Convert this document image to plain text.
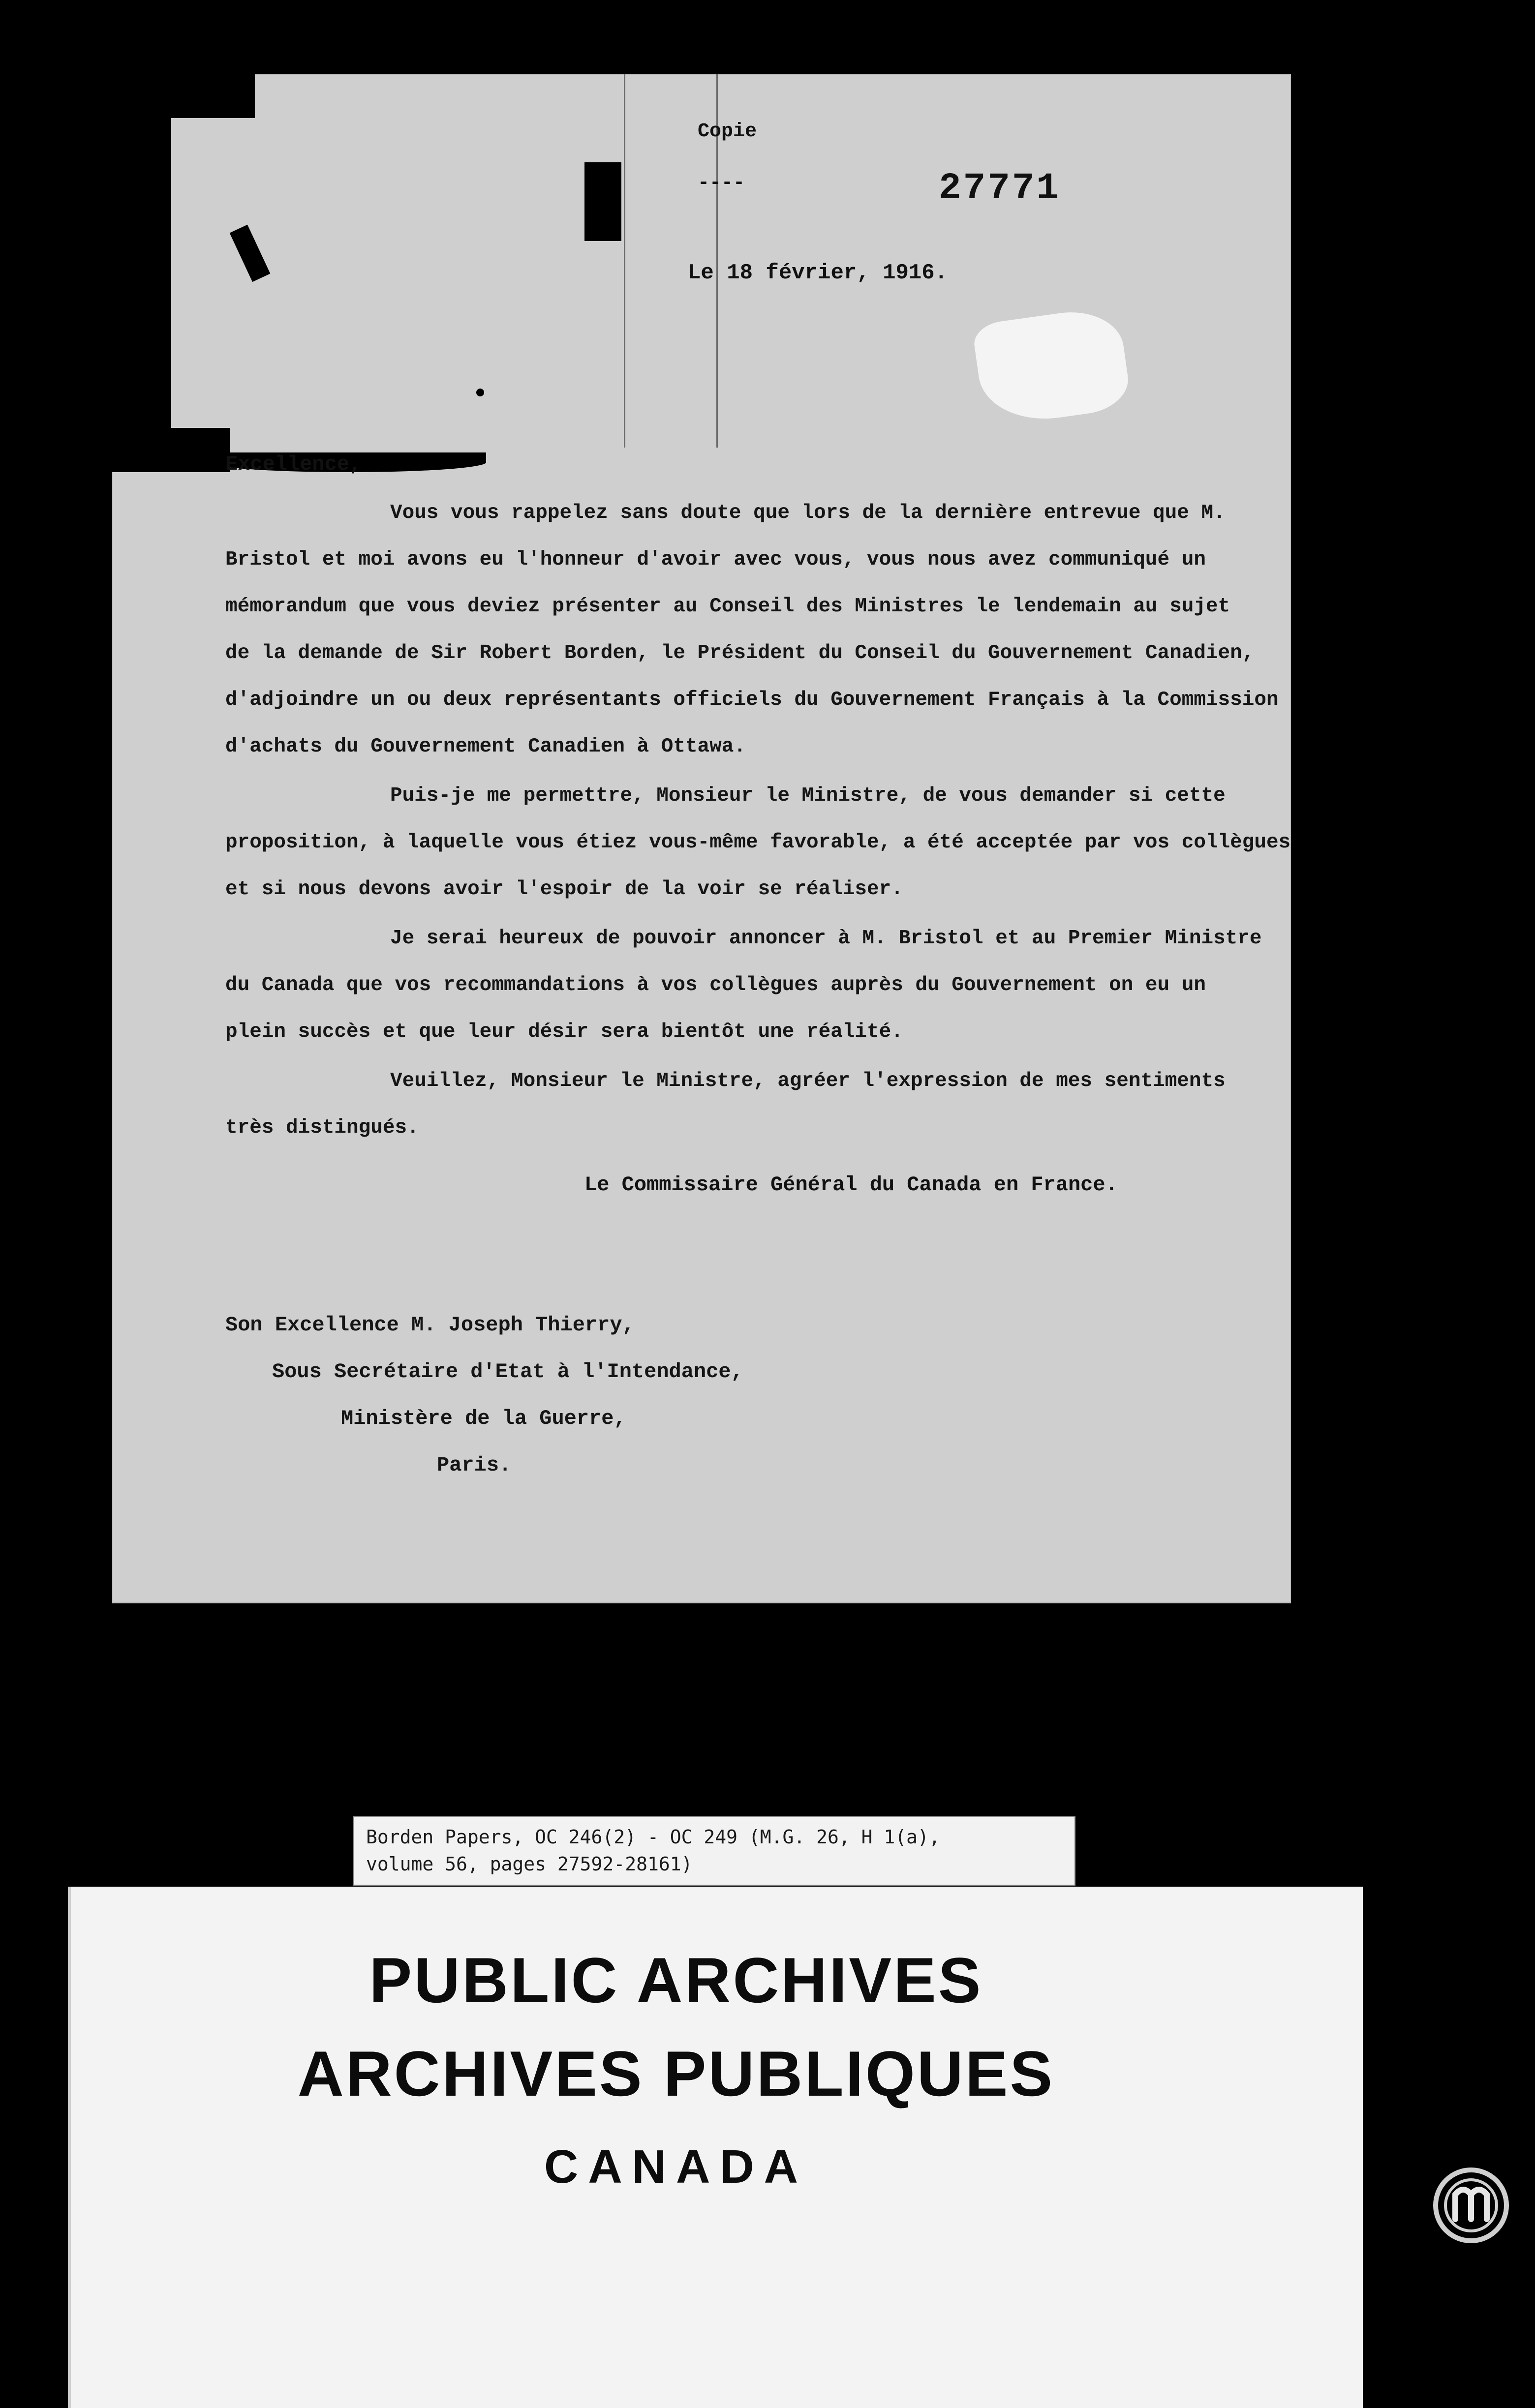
Copie
----	27771
Le 18 février, 1916.
Excellence,
Vous vous rappelez sans doute que lors de la dernière entrevue que M.
Bristol et moi avons eu l'honneur d'avoir avec vous, vous nous avez communiqué un
mémorandum que vous deviez présenter au Conseil des Ministres le lendemain au sujet
de la demande de Sir Robert Borden, le Président du Conseil du Gouvernement Canadien,
d'adjoindre un ou deux représentants officiels du Gouvernement Français à la Commission
d'achats du Gouvernement Canadien à Ottawa.
Puis-je me permettre, Monsieur le Ministre, de vous demander si cette
proposition, à laquelle vous étiez vous-même favorable, a été acceptée par vos collègues
et si nous devons avoir l'espoir de la voir se réaliser.
Je serai heureux de pouvoir annoncer à M. Bristol et au Premier Ministre
du Canada que vos recommandations à vos collègues auprès du Gouvernement on eu un
plein succès et que leur désir sera bientôt une réalité.
Veuillez, Monsieur le Ministre, agréer l'expression de mes sentiments
très distingués.
Le Commissaire Général du Canada en France.
Son Excellence M. Joseph Thierry,
Sous Secrétaire d'Etat à l'Intendance,
Ministère de la Guerre,
Paris.
Borden Papers, OC 246(2) - OC 249 (M.G. 26, H 1(a),
volume 56, pages 27592-28161)
PUBLIC ARCHIVES
ARCHIVES PUBLIQUES
CANADA
